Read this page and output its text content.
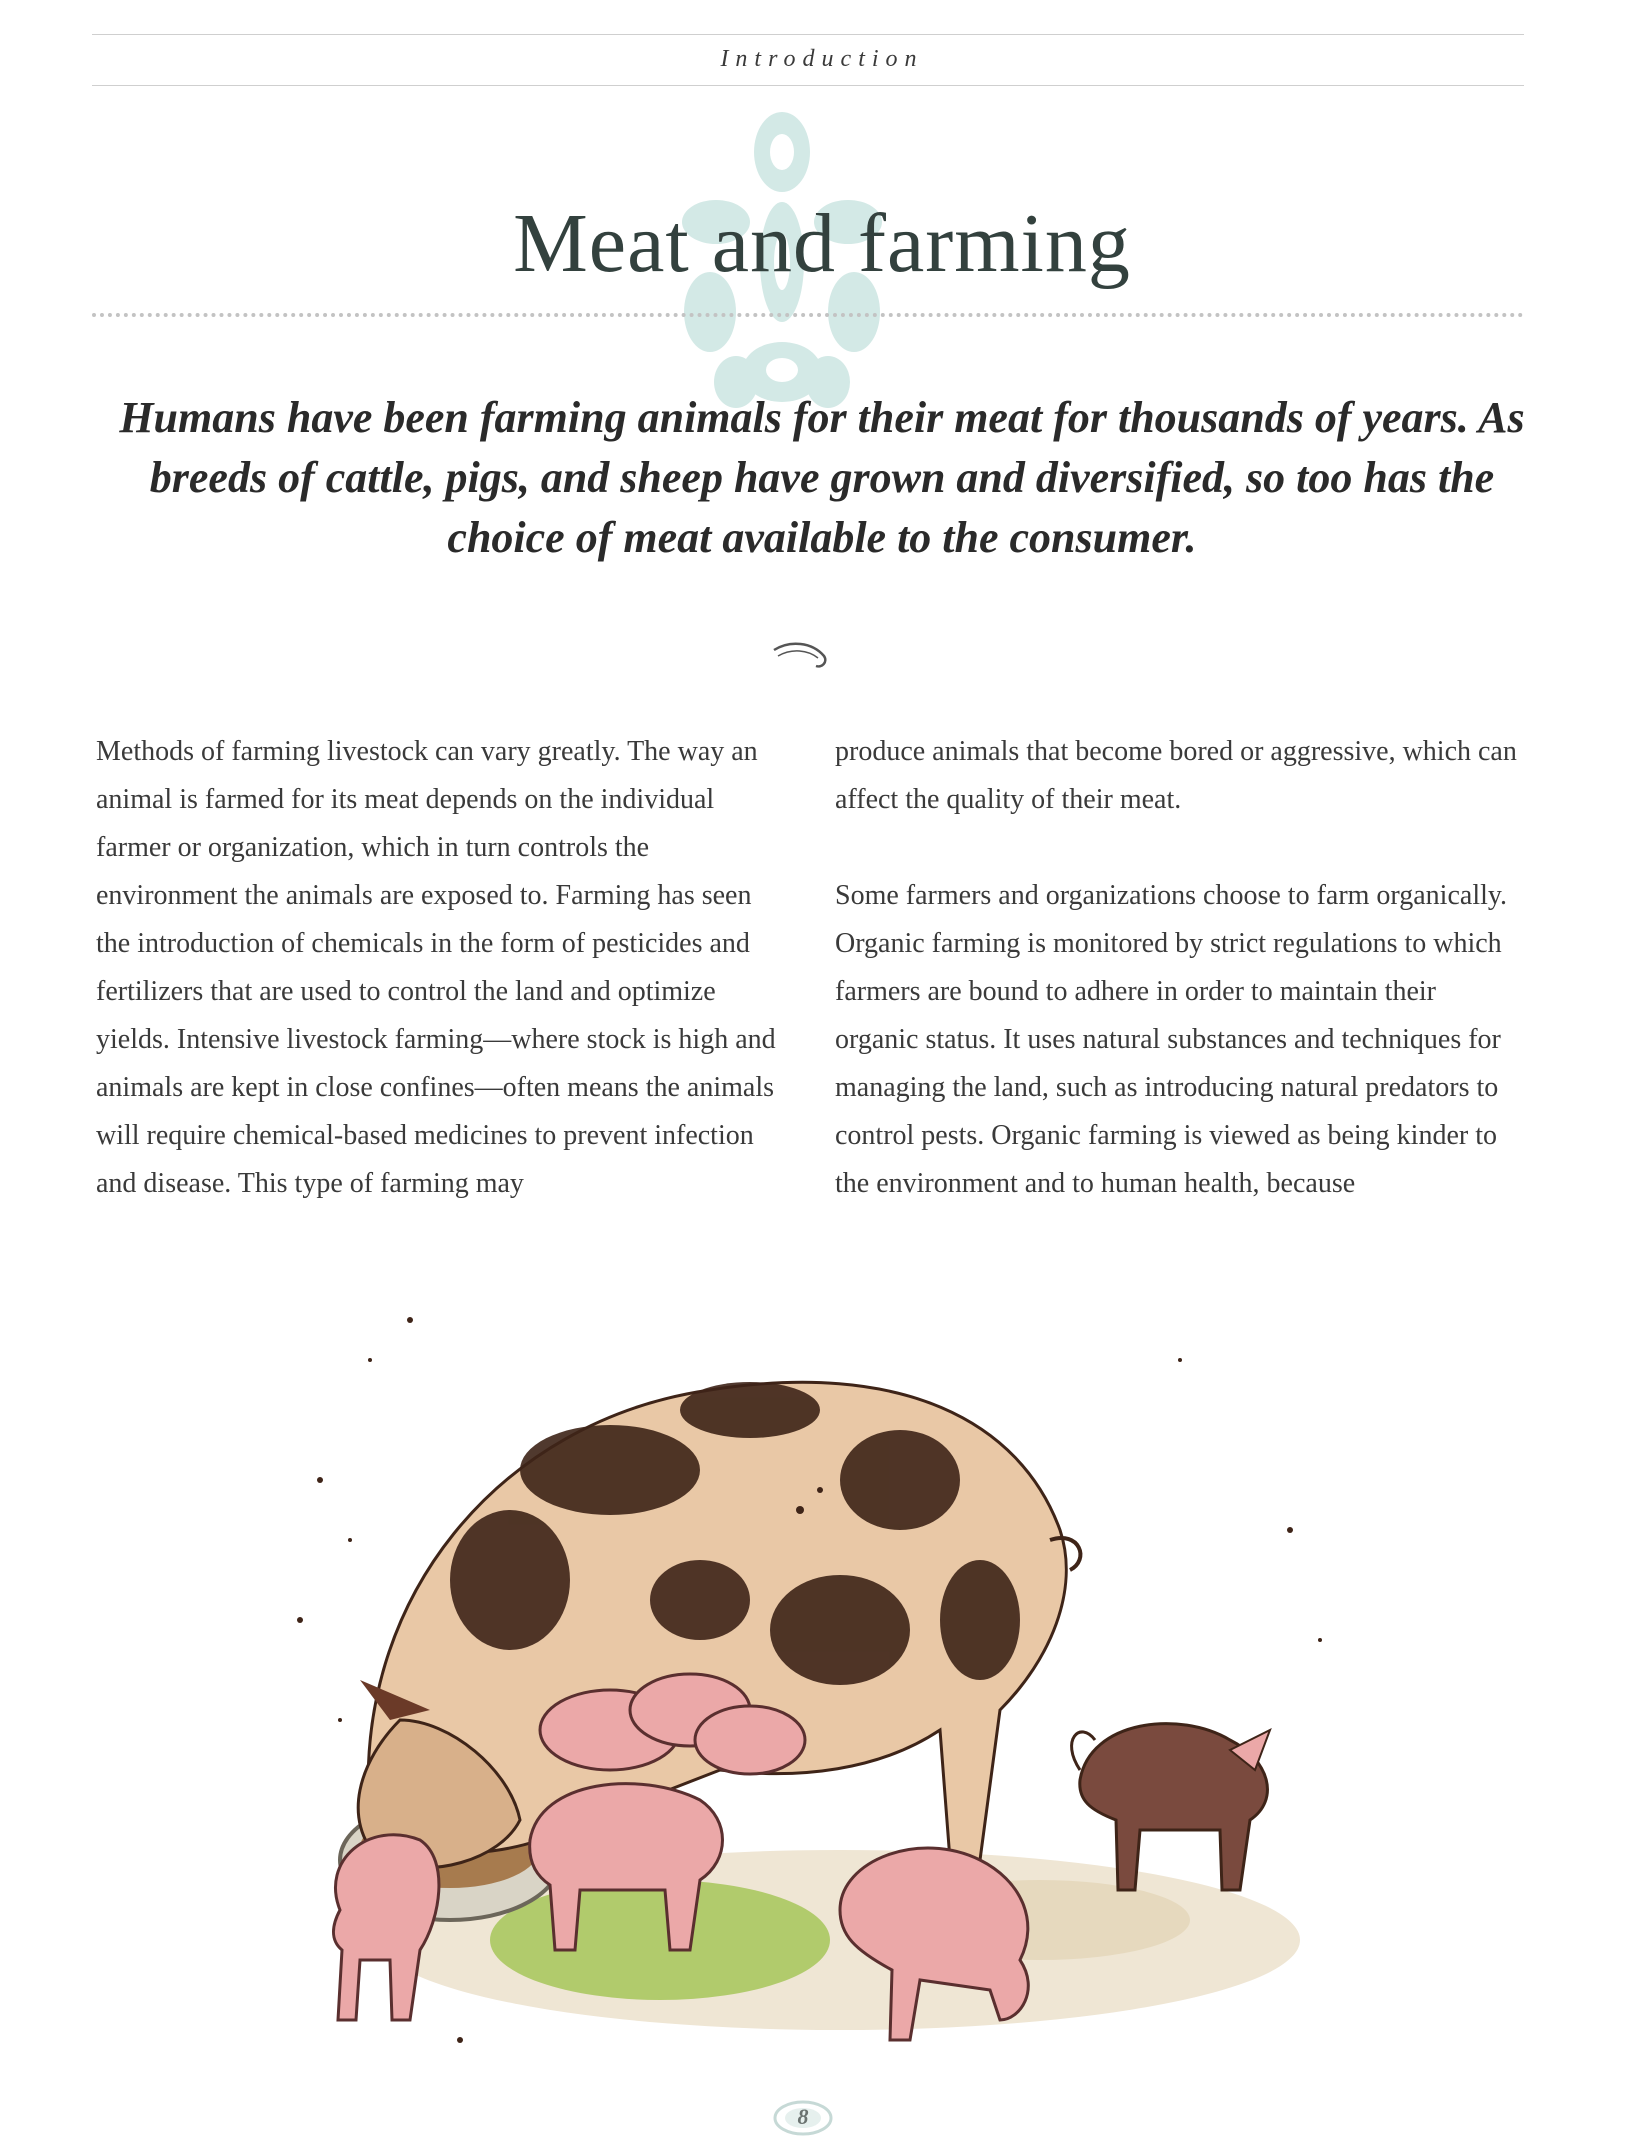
Introduction
Meat and farming

Humans have been farming animals for their meat for thousands of years. As breeds of cattle, pigs, and sheep have grown and diversified, so too has the choice of meat available to the consumer.

Methods of farming livestock can vary greatly. The way an animal is farmed for its meat depends on the individual farmer or organization, which in turn controls the environment the animals are exposed to. Farming has seen the introduction of chemicals in the form of pesticides and fertilizers that are used to control the land and optimize yields. Intensive livestock farming—where stock is high and animals are kept in close confines—often means the animals will require chemical-based medicines to prevent infection and disease. This type of farming may

produce animals that become bored or aggressive, which can affect the quality of their meat.

Some farmers and organizations choose to farm organically. Organic farming is monitored by strict regulations to which farmers are bound to adhere in order to maintain their organic status. It uses natural substances and techniques for managing the land, such as introducing natural predators to control pests. Organic farming is viewed as being kinder to the environment and to human health, because

8
